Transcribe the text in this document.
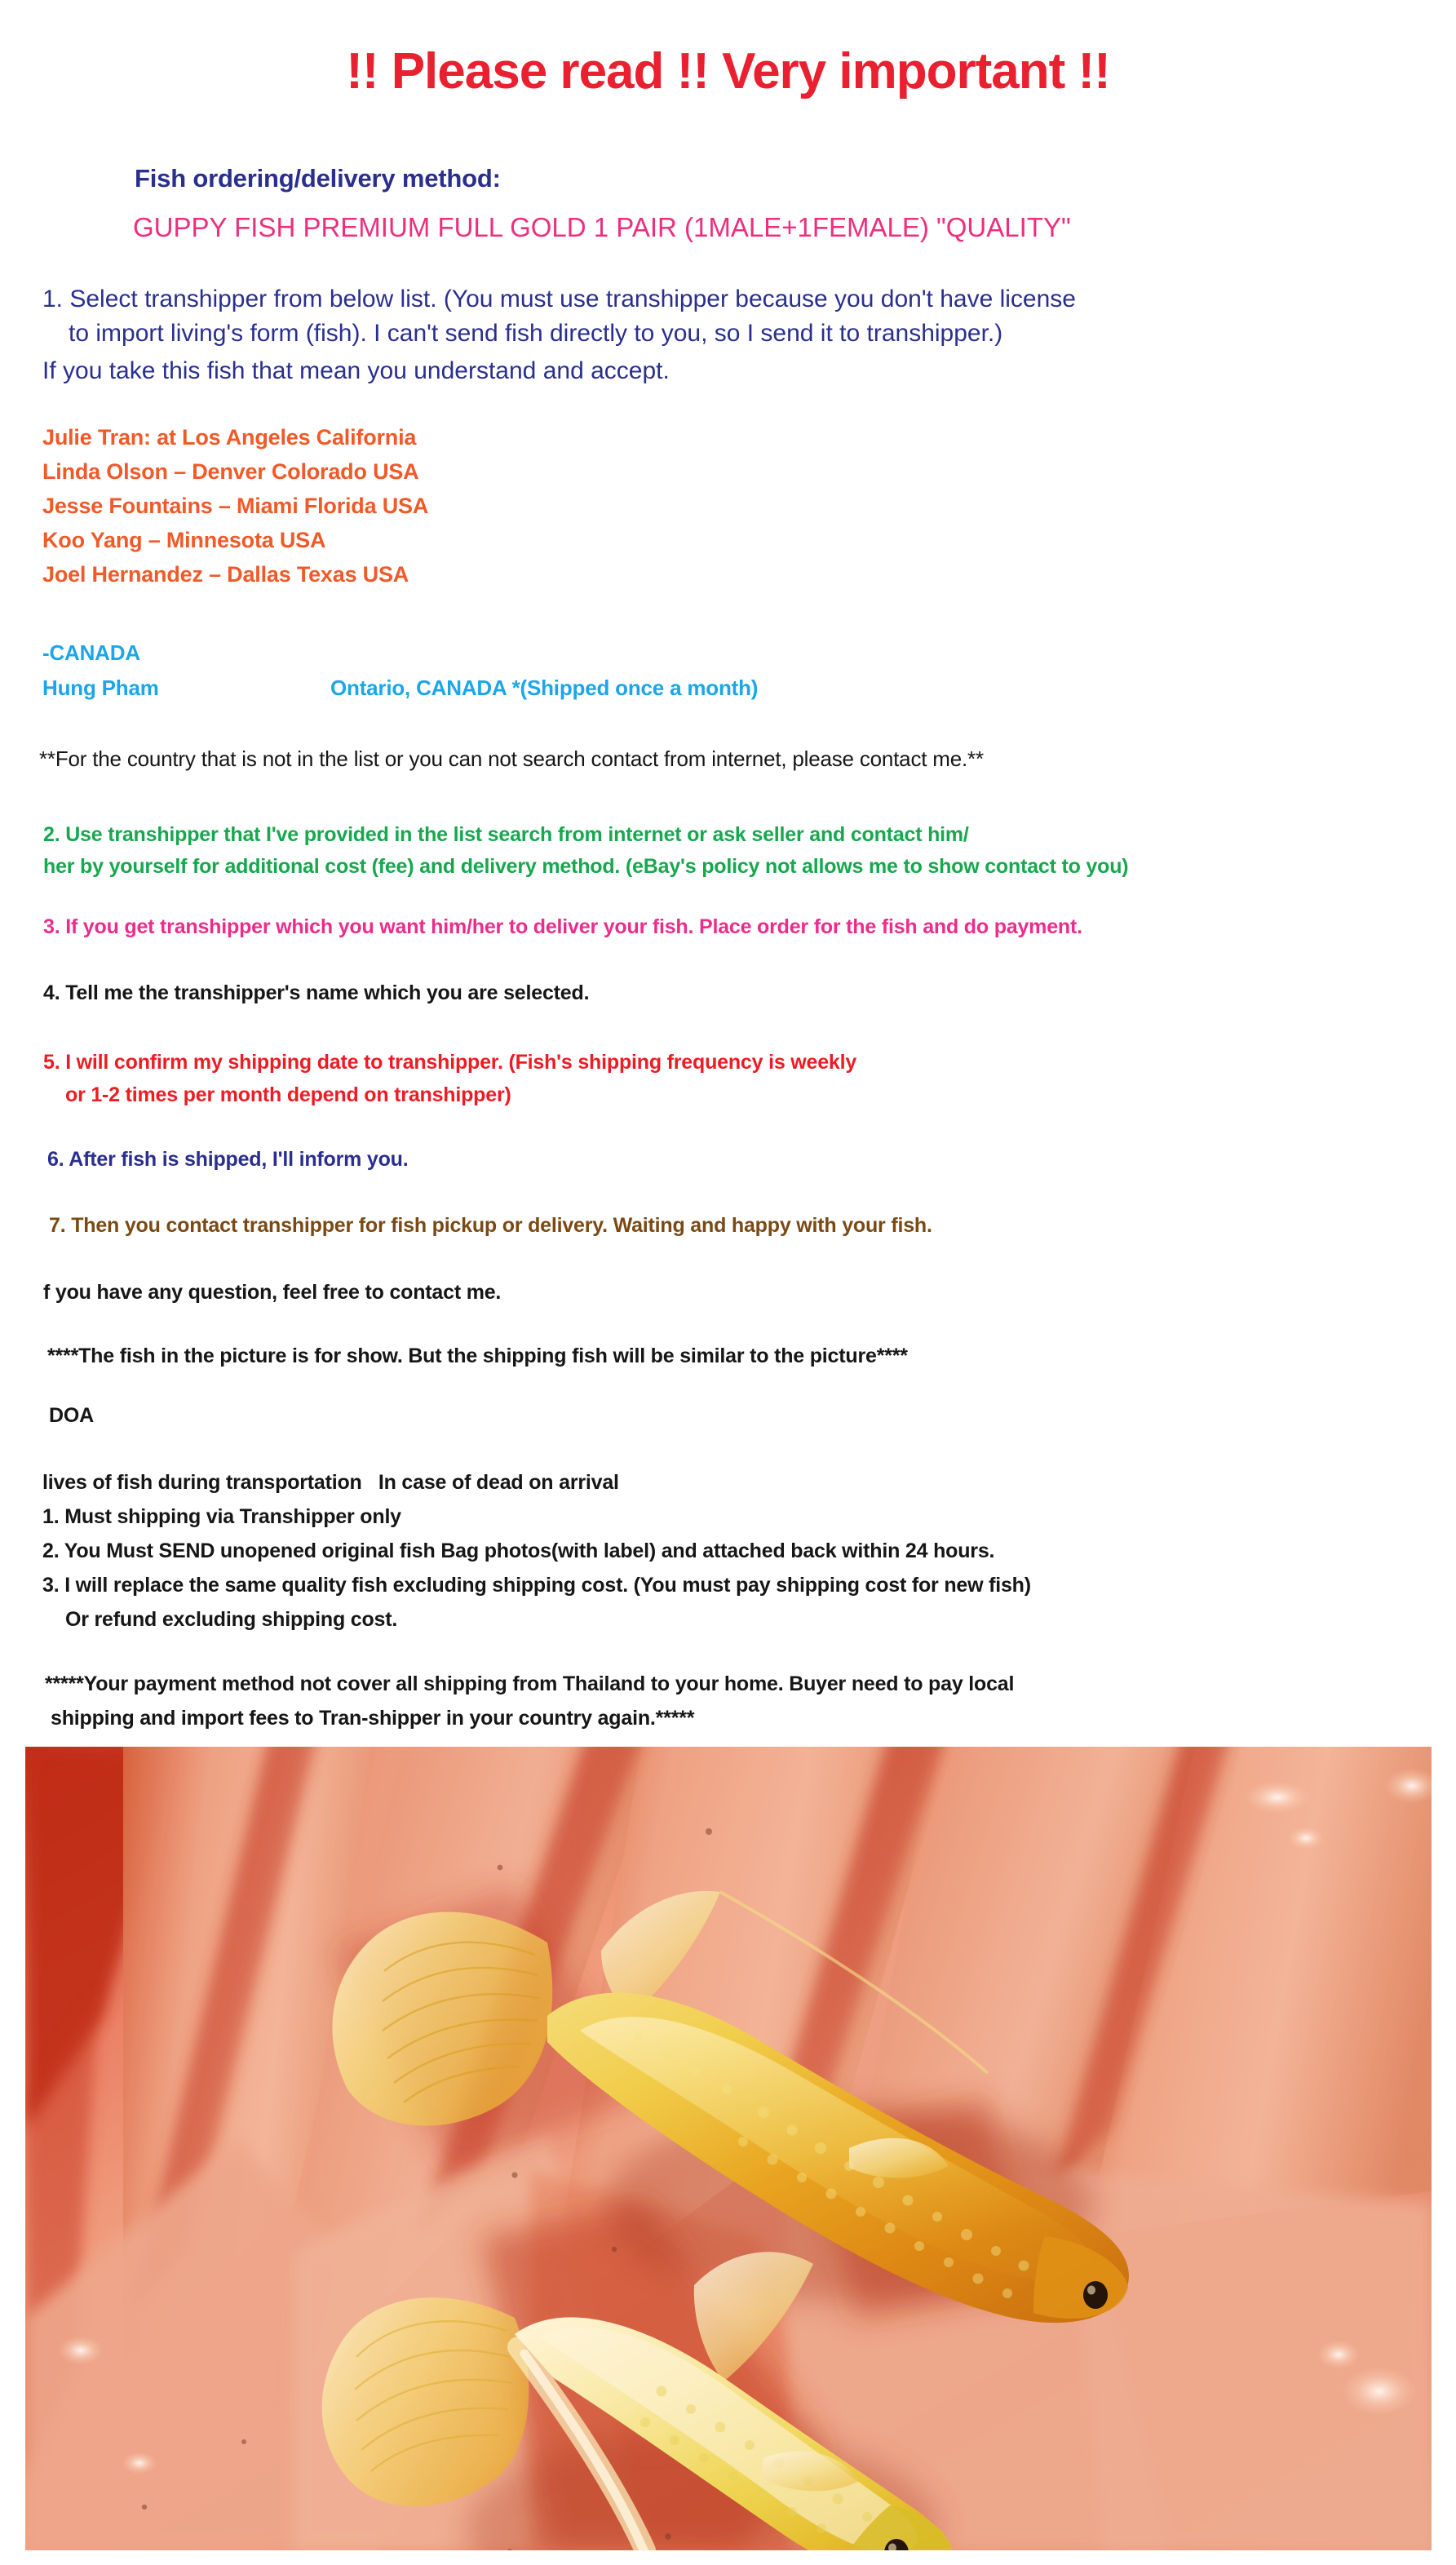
!! Please read !! Very important !!
Fish ordering/delivery method:
GUPPY FISH PREMIUM FULL GOLD 1 PAIR (1MALE+1FEMALE) "QUALITY"
1. Select transhipper from below list. (You must use transhipper because you don't have license
to import living's form (fish). I can't send fish directly to you, so I send it to transhipper.)
If you take this fish that mean you understand and accept.
Julie Tran: at Los Angeles California
Linda Olson – Denver Colorado USA
Jesse Fountains – Miami Florida USA
Koo Yang – Minnesota USA
Joel Hernandez – Dallas Texas USA
-CANADA
Hung Pham	Ontario, CANADA *(Shipped once a month)
**For the country that is not in the list or you can not search contact from internet, please contact me.**
2. Use transhipper that I've provided in the list search from internet or ask seller and contact him/
her by yourself for additional cost (fee) and delivery method. (eBay's policy not allows me to show contact to you)
3. If you get transhipper which you want him/her to deliver your fish. Place order for the fish and do payment.
4. Tell me the transhipper's name which you are selected.
5. I will confirm my shipping date to transhipper. (Fish's shipping frequency is weekly
or 1-2 times per month depend on transhipper)
6. After fish is shipped, I'll inform you.
7. Then you contact transhipper for fish pickup or delivery. Waiting and happy with your fish.
f you have any question, feel free to contact me.
****The fish in the picture is for show. But the shipping fish will be similar to the picture****
DOA
lives of fish during transportation   In case of dead on arrival
1. Must shipping via Transhipper only
2. You Must SEND unopened original fish Bag photos(with label) and attached back within 24 hours.
3. I will replace the same quality fish excluding shipping cost. (You must pay shipping cost for new fish)
Or refund excluding shipping cost.
*****Your payment method not cover all shipping from Thailand to your home. Buyer need to pay local
shipping and import fees to Tran-shipper in your country again.*****
